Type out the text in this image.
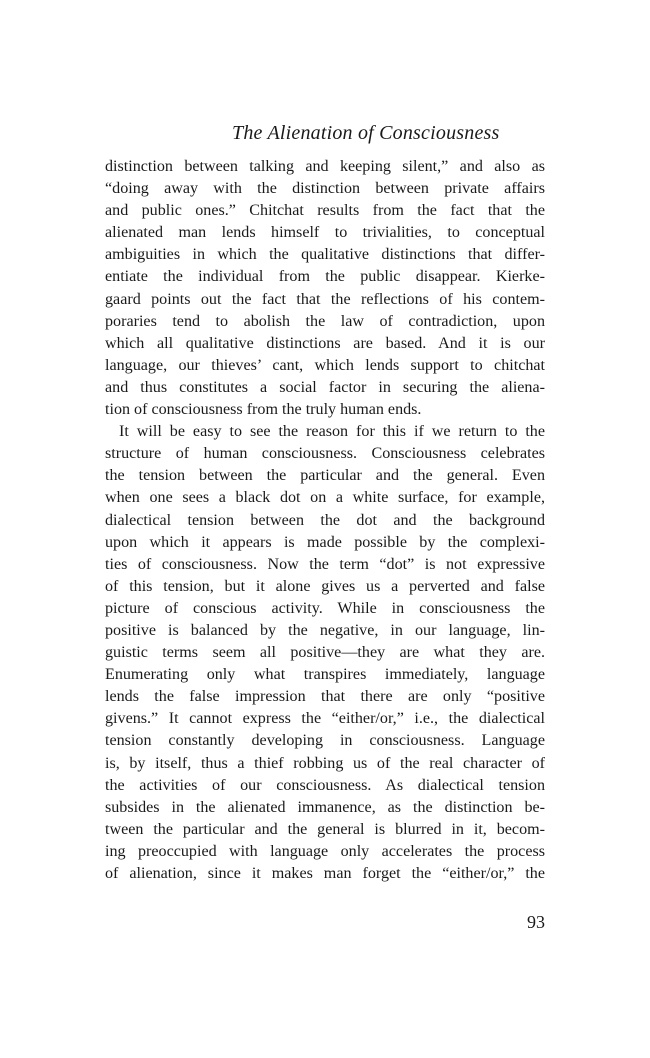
The Alienation of Consciousness
distinction between talking and keeping silent,” and also as
“doing away with the distinction between private affairs
and public ones.” Chitchat results from the fact that the
alienated man lends himself to trivialities, to conceptual
ambiguities in which the qualitative distinctions that differ-
entiate the individual from the public disappear. Kierke-
gaard points out the fact that the reflections of his contem-
poraries tend to abolish the law of contradiction, upon
which all qualitative distinctions are based. And it is our
language, our thieves’ cant, which lends support to chitchat
and thus constitutes a social factor in securing the aliena-
tion of consciousness from the truly human ends.
It will be easy to see the reason for this if we return to the
structure of human consciousness. Consciousness celebrates
the tension between the particular and the general. Even
when one sees a black dot on a white surface, for example,
dialectical tension between the dot and the background
upon which it appears is made possible by the complexi-
ties of consciousness. Now the term “dot” is not expressive
of this tension, but it alone gives us a perverted and false
picture of conscious activity. While in consciousness the
positive is balanced by the negative, in our language, lin-
guistic terms seem all positive—they are what they are.
Enumerating only what transpires immediately, language
lends the false impression that there are only “positive
givens.” It cannot express the “either/or,” i.e., the dialectical
tension constantly developing in consciousness. Language
is, by itself, thus a thief robbing us of the real character of
the activities of our consciousness. As dialectical tension
subsides in the alienated immanence, as the distinction be-
tween the particular and the general is blurred in it, becom-
ing preoccupied with language only accelerates the process
of alienation, since it makes man forget the “either/or,” the
93
